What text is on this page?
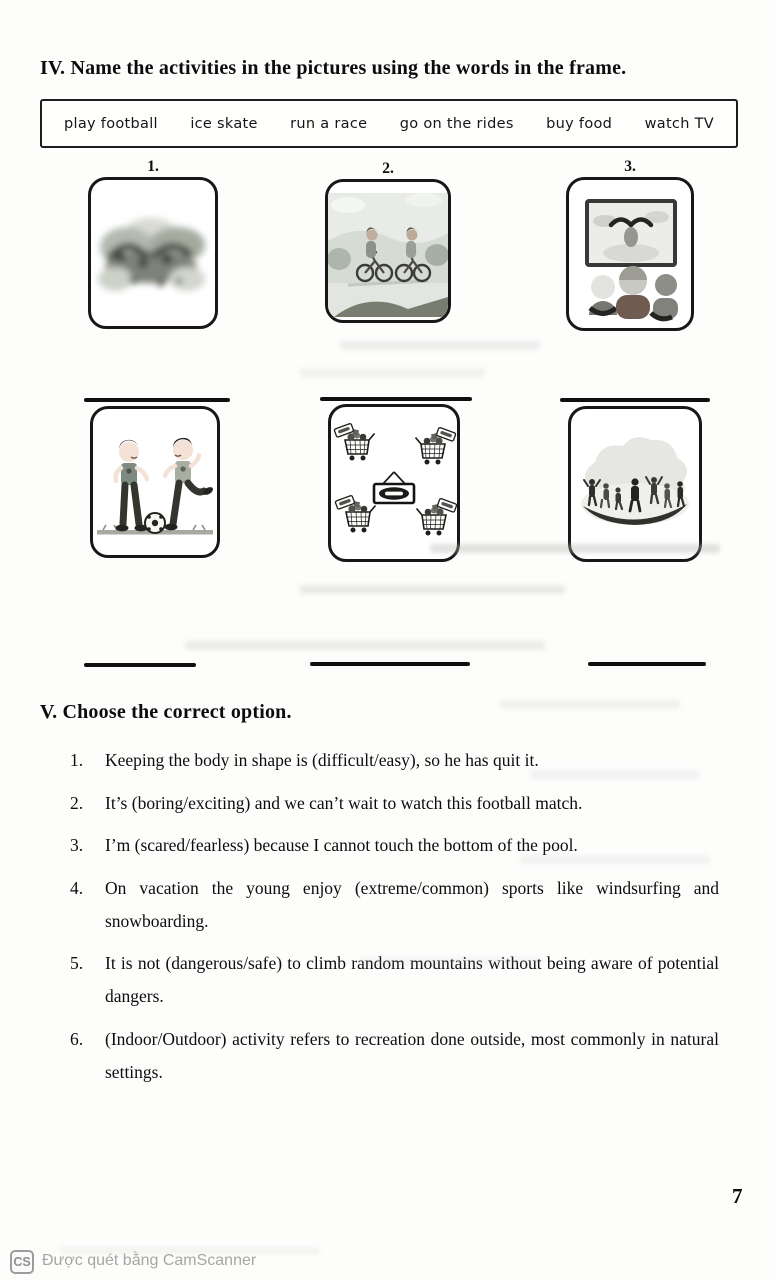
IV. Name the activities in the pictures using the words in the frame.
play football ice skate run a race go on the rides buy food watch TV
1.	2.	3.
V. Choose the correct option.
1.	Keeping the body in shape is (difficult/easy), so he has quit it.
2.	It’s (boring/exciting) and we can’t wait to watch this football match.
3.	I’m (scared/fearless) because I cannot touch the bottom of the pool.
4.	On vacation the young enjoy (extreme/common) sports like windsurfing and snowboarding.
5.	It is not (dangerous/safe) to climb random mountains without being aware of potential dangers.
6.	(Indoor/Outdoor) activity refers to recreation done outside, most commonly in natural settings.
7
CS Được quét bằng CamScanner
